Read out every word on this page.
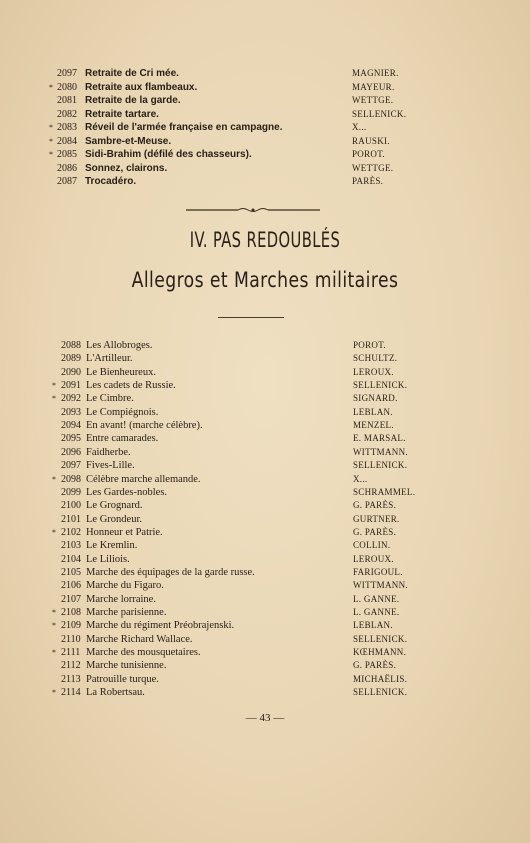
2097 Retraite de Cri mée.	MAGNIER.
* 2080 Retraite aux flambeaux.	MAYEUR.
2081 Retraite de la garde.	WETTGE.
2082 Retraite tartare.	SELLENICK.
* 2083 Réveil de l'armée française en campagne.	X...
* 2084 Sambre-et-Meuse.	RAUSKI.
* 2085 Sidi-Brahim (défilé des chasseurs).	POROT.
2086 Sonnez, clairons.	WETTGE.
2087 Trocadéro.	PARÈS.
IV. PAS REDOUBLÉS
Allegros et Marches militaires
2088 Les Allobroges.	POROT.
2089 L'Artilleur.	SCHULTZ.
2090 Le Bienheureux.	LEROUX.
* 2091 Les cadets de Russie.	SELLENICK.
* 2092 Le Cimbre.	SIGNARD.
2093 Le Compiégnois.	LEBLAN.
2094 En avant! (marche célèbre).	MENZEL.
2095 Entre camarades.	E. MARSAL.
2096 Faidherbe.	WITTMANN.
2097 Fives-Lille.	SELLENICK.
* 2098 Célèbre marche allemande.	X...
2099 Les Gardes-nobles.	SCHRAMMEL.
2100 Le Grognard.	G. PARÈS.
2101 Le Grondeur.	GURTNER.
* 2102 Honneur et Patrie.	G. PARÈS.
2103 Le Kremlin.	COLLIN.
2104 Le Liliois.	LEROUX.
2105 Marche des équipages de la garde russe.	FARIGOUL.
2106 Marche du Figaro.	WITTMANN.
2107 Marche lorraine.	L. GANNE.
* 2108 Marche parisienne.	L. GANNE.
* 2109 Marche du régiment Préobrajenski.	LEBLAN.
2110 Marche Richard Wallace.	SELLENICK.
* 2111 Marche des mousquetaires.	KŒHMANN.
2112 Marche tunisienne.	G. PARÈS.
2113 Patrouille turque.	MICHAËLIS.
* 2114 La Robertsau.	SELLENICK.
— 43 —
